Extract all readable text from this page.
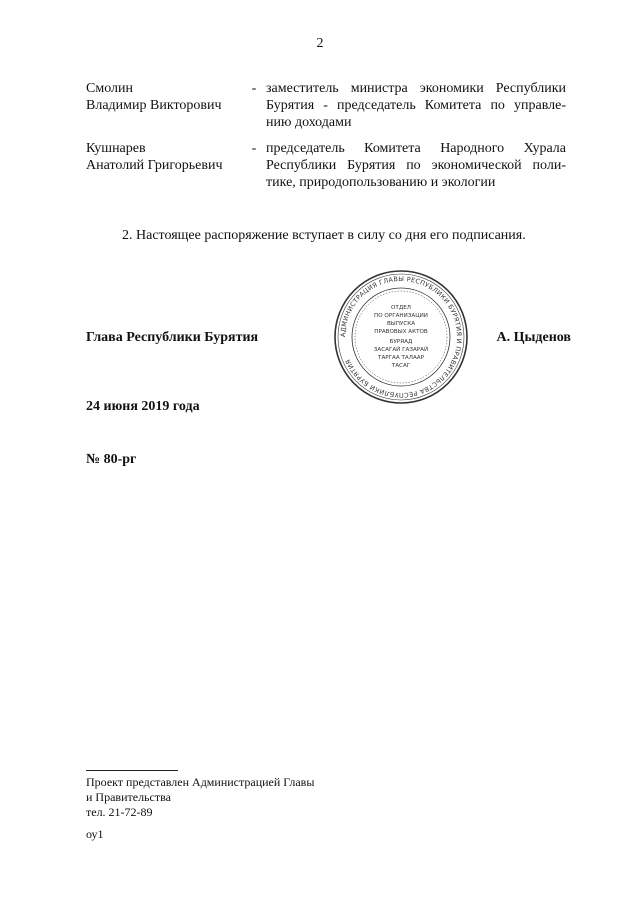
2
Смолин
Владимир Викторович
- заместитель министра экономики Республики
Бурятия - председатель Комитета по управле-
нию доходами
Кушнарев
Анатолий Григорьевич
- председатель Комитета Народного Хурала
Республики Бурятия по экономической поли-
тике, природопользованию и экологии
2. Настоящее распоряжение вступает в силу со дня его подписания.
Глава Республики Бурятия	АДМИНИСТРАЦИЯ ГЛАВЫ РЕСПУБЛИКИ БУРЯТИЯ И ПРАВИТЕЛЬСТВА РЕСПУБЛИКИ БУРЯТИЯ
ОТДЕЛ
ПО ОРГАНИЗАЦИИ
ВЫПУСКА
ПРАВОВЫХ АКТОВ
БУРЯАД
ЗАСАГАЙ ГАЗАРАЙ
ТАРГАА ТАЛААР
ТАСАГ
А. Цыденов
24 июня 2019 года
№ 80-рг
Проект представлен Администрацией Главы
и Правительства
тел. 21-72-89
оу1
